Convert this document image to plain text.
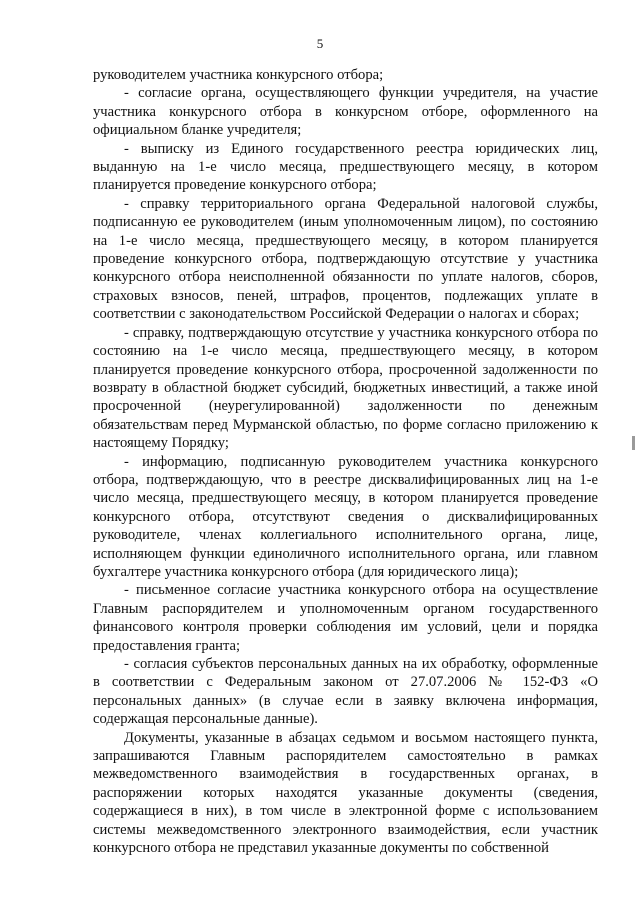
5

руководителем участника конкурсного отбора;

- согласие органа, осуществляющего функции учредителя, на участие участника конкурсного отбора в конкурсном отборе, оформленного на официальном бланке учредителя;

- выписку из Единого государственного реестра юридических лиц, выданную на 1-е число месяца, предшествующего месяцу, в котором планируется проведение конкурсного отбора;

- справку территориального органа Федеральной налоговой службы, подписанную ее руководителем (иным уполномоченным лицом), по состоянию на 1-е число месяца, предшествующего месяцу, в котором планируется проведение конкурсного отбора, подтверждающую отсутствие у участника конкурсного отбора неисполненной обязанности по уплате налогов, сборов, страховых взносов, пеней, штрафов, процентов, подлежащих уплате в соответствии с законодательством Российской Федерации о налогах и сборах;

- справку, подтверждающую отсутствие у участника конкурсного отбора по состоянию на 1-е число месяца, предшествующего месяцу, в котором планируется проведение конкурсного отбора, просроченной задолженности по возврату в областной бюджет субсидий, бюджетных инвестиций, а также иной просроченной (неурегулированной) задолженности по денежным обязательствам перед Мурманской областью, по форме согласно приложению к настоящему Порядку;

- информацию, подписанную руководителем участника конкурсного отбора, подтверждающую, что в реестре дисквалифицированных лиц на 1-е число месяца, предшествующего месяцу, в котором планируется проведение конкурсного отбора, отсутствуют сведения о дисквалифицированных руководителе, членах коллегиального исполнительного органа, лице, исполняющем функции единоличного исполнительного органа, или главном бухгалтере участника конкурсного отбора (для юридического лица);

- письменное согласие участника конкурсного отбора на осуществление Главным распорядителем и уполномоченным органом государственного финансового контроля проверки соблюдения им условий, цели и порядка предоставления гранта;

- согласия субъектов персональных данных на их обработку, оформленные в соответствии с Федеральным законом от 27.07.2006 № 152-ФЗ «О персональных данных» (в случае если в заявку включена информация, содержащая персональные данные).

Документы, указанные в абзацах седьмом и восьмом настоящего пункта, запрашиваются Главным распорядителем самостоятельно в рамках межведомственного взаимодействия в государственных органах, в распоряжении которых находятся указанные документы (сведения, содержащиеся в них), в том числе в электронной форме с использованием системы межведомственного электронного взаимодействия, если участник конкурсного отбора не представил указанные документы по собственной
